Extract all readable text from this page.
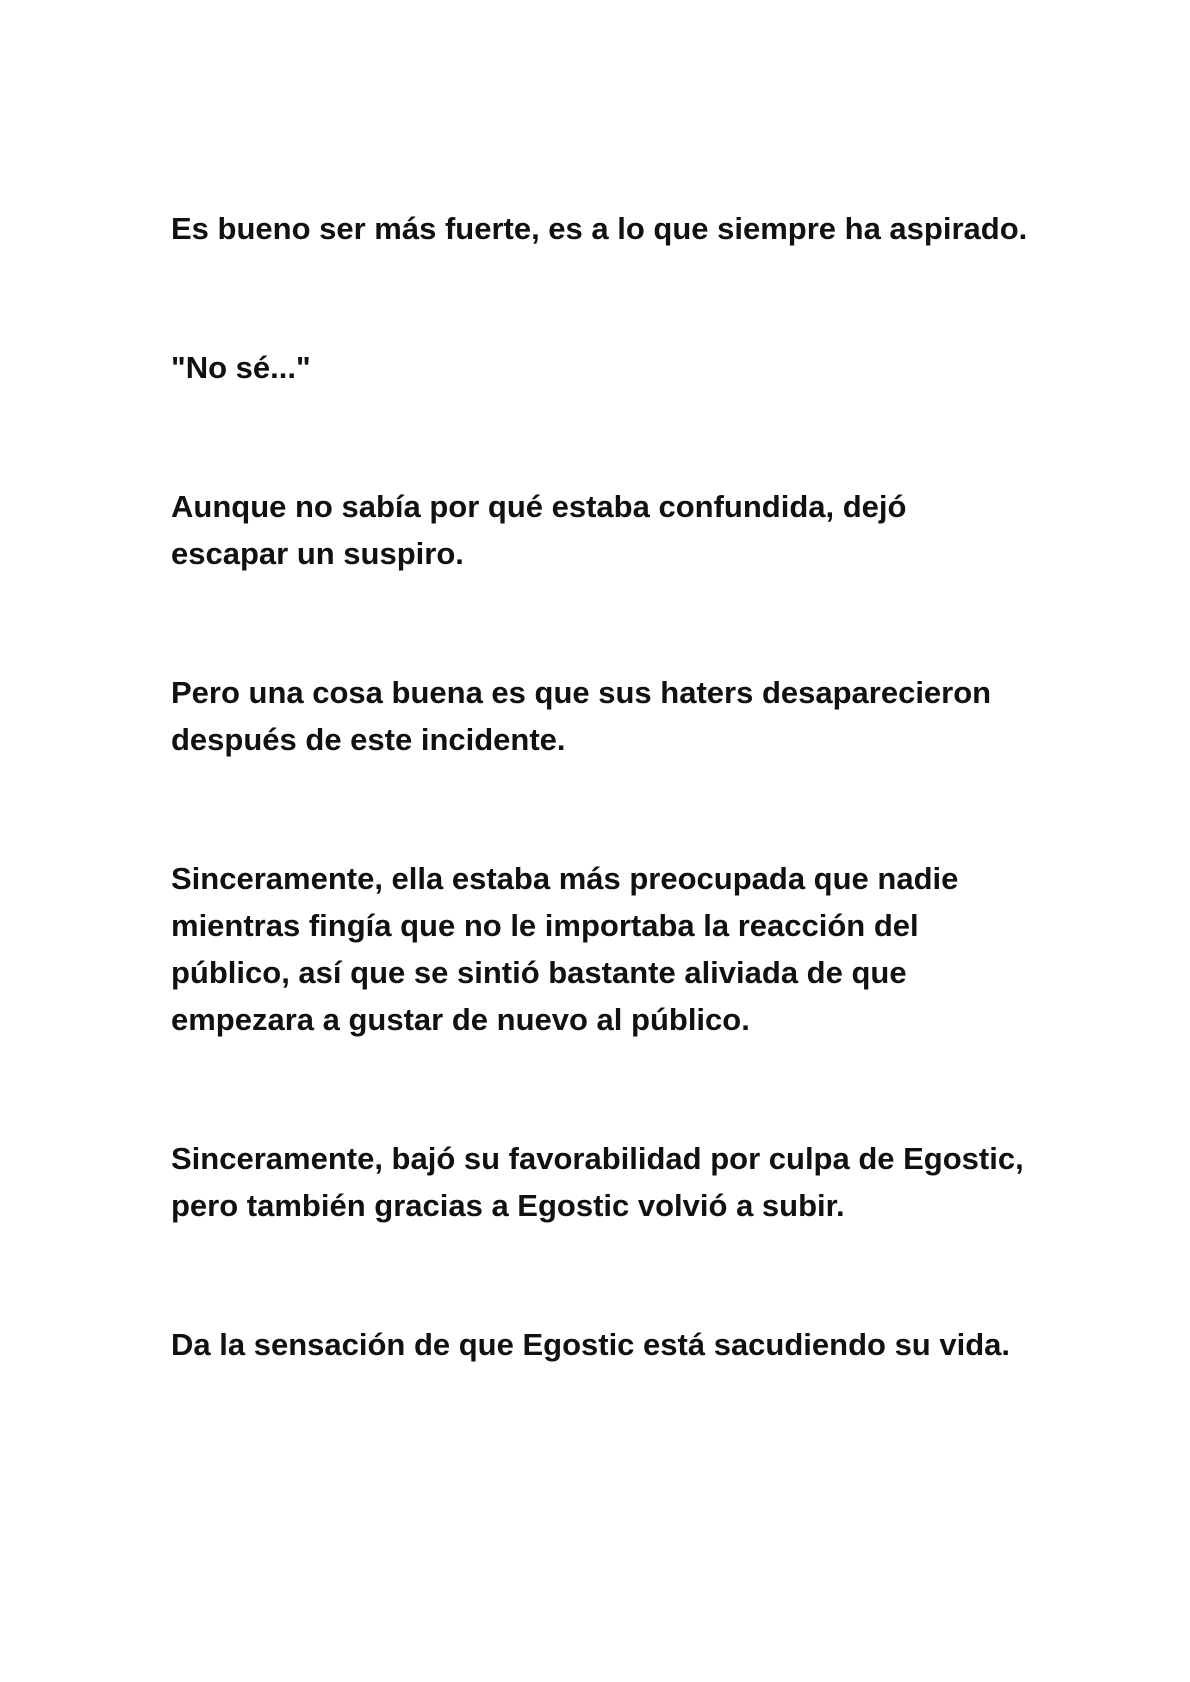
Es bueno ser más fuerte, es a lo que siempre ha aspirado.

"No sé..."

Aunque no sabía por qué estaba confundida, dejó escapar un suspiro.

Pero una cosa buena es que sus haters desaparecieron después de este incidente.

Sinceramente, ella estaba más preocupada que nadie mientras fingía que no le importaba la reacción del público, así que se sintió bastante aliviada de que empezara a gustar de nuevo al público.

Sinceramente, bajó su favorabilidad por culpa de Egostic, pero también gracias a Egostic volvió a subir.

Da la sensación de que Egostic está sacudiendo su vida.
